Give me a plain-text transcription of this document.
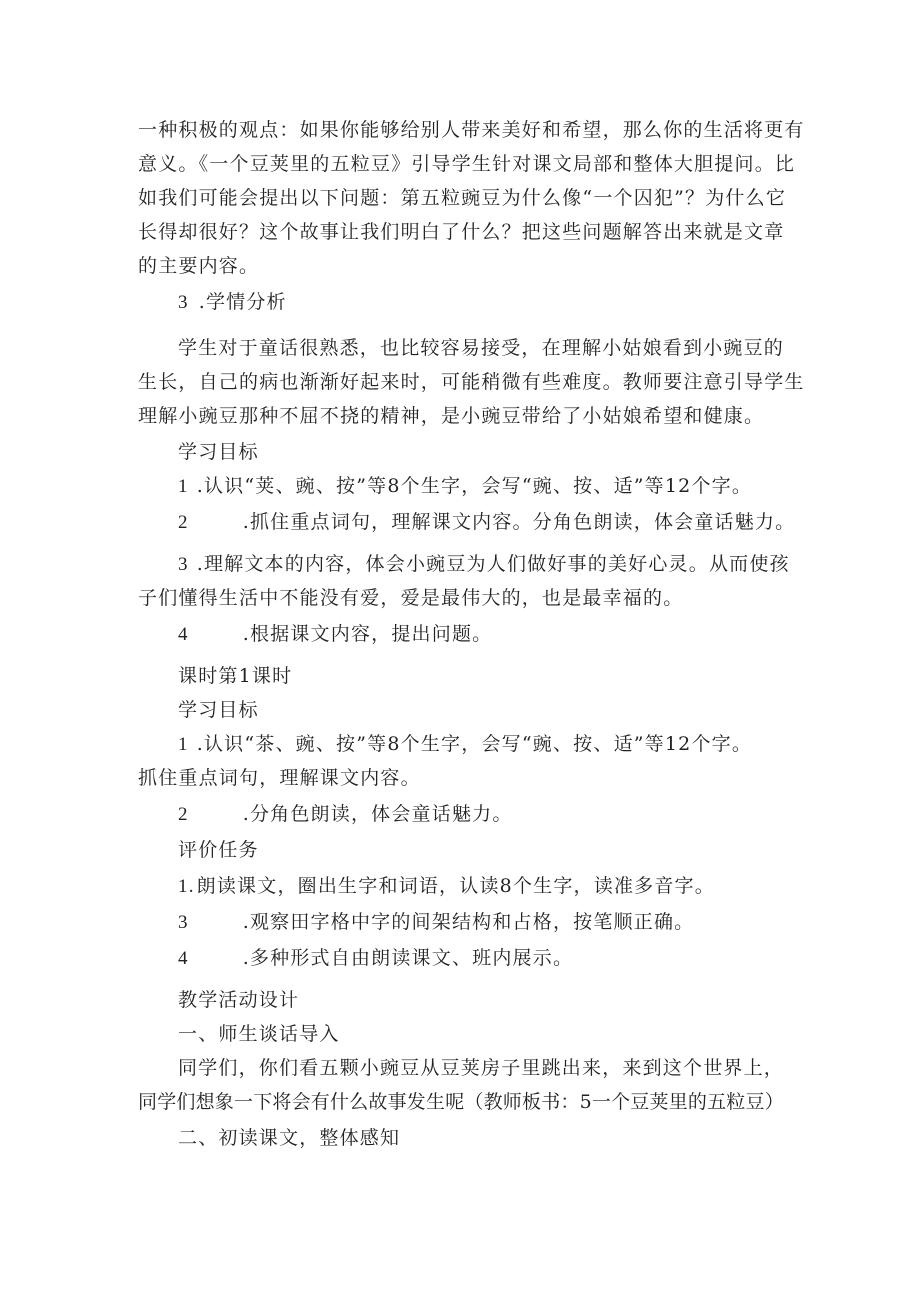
一种积极的观点：如果你能够给别人带来美好和希望，那么你的生活将更有
意义。《一个豆荚里的五粒豆》引导学生针对课文局部和整体大胆提问。比
如我们可能会提出以下问题：第五粒豌豆为什么像“一个囚犯”？为什么它
长得却很好？这个故事让我们明白了什么？把这些问题解答出来就是文章
的主要内容。
3 .学情分析
学生对于童话很熟悉，也比较容易接受，在理解小姑娘看到小豌豆的
生长，自己的病也渐渐好起来时，可能稍微有些难度。教师要注意引导学生
理解小豌豆那种不屈不挠的精神，是小豌豆带给了小姑娘希望和健康。
学习目标
1 .认识“荚、豌、按”等8个生字，会写“豌、按、适”等12个字。
2	.抓住重点词句，理解课文内容。分角色朗读，体会童话魅力。
3 .理解文本的内容，体会小豌豆为人们做好事的美好心灵。从而使孩
子们懂得生活中不能没有爱，爱是最伟大的，也是最幸福的。
4	.根据课文内容，提出问题。
课时第1课时
学习目标
1 .认识“茶、豌、按”等8个生字，会写“豌、按、适”等12个字。
抓住重点词句，理解课文内容。
2	.分角色朗读，体会童话魅力。
评价任务
1. 朗读课文，圈出生字和词语，认读8个生字，读准多音字。
3	.观察田字格中字的间架结构和占格，按笔顺正确。
4	.多种形式自由朗读课文、班内展示。
教学活动设计
一、师生谈话导入
同学们，你们看五颗小豌豆从豆荚房子里跳出来，来到这个世界上，
同学们想象一下将会有什么故事发生呢（教师板书：5一个豆荚里的五粒豆）
二、初读课文，整体感知
